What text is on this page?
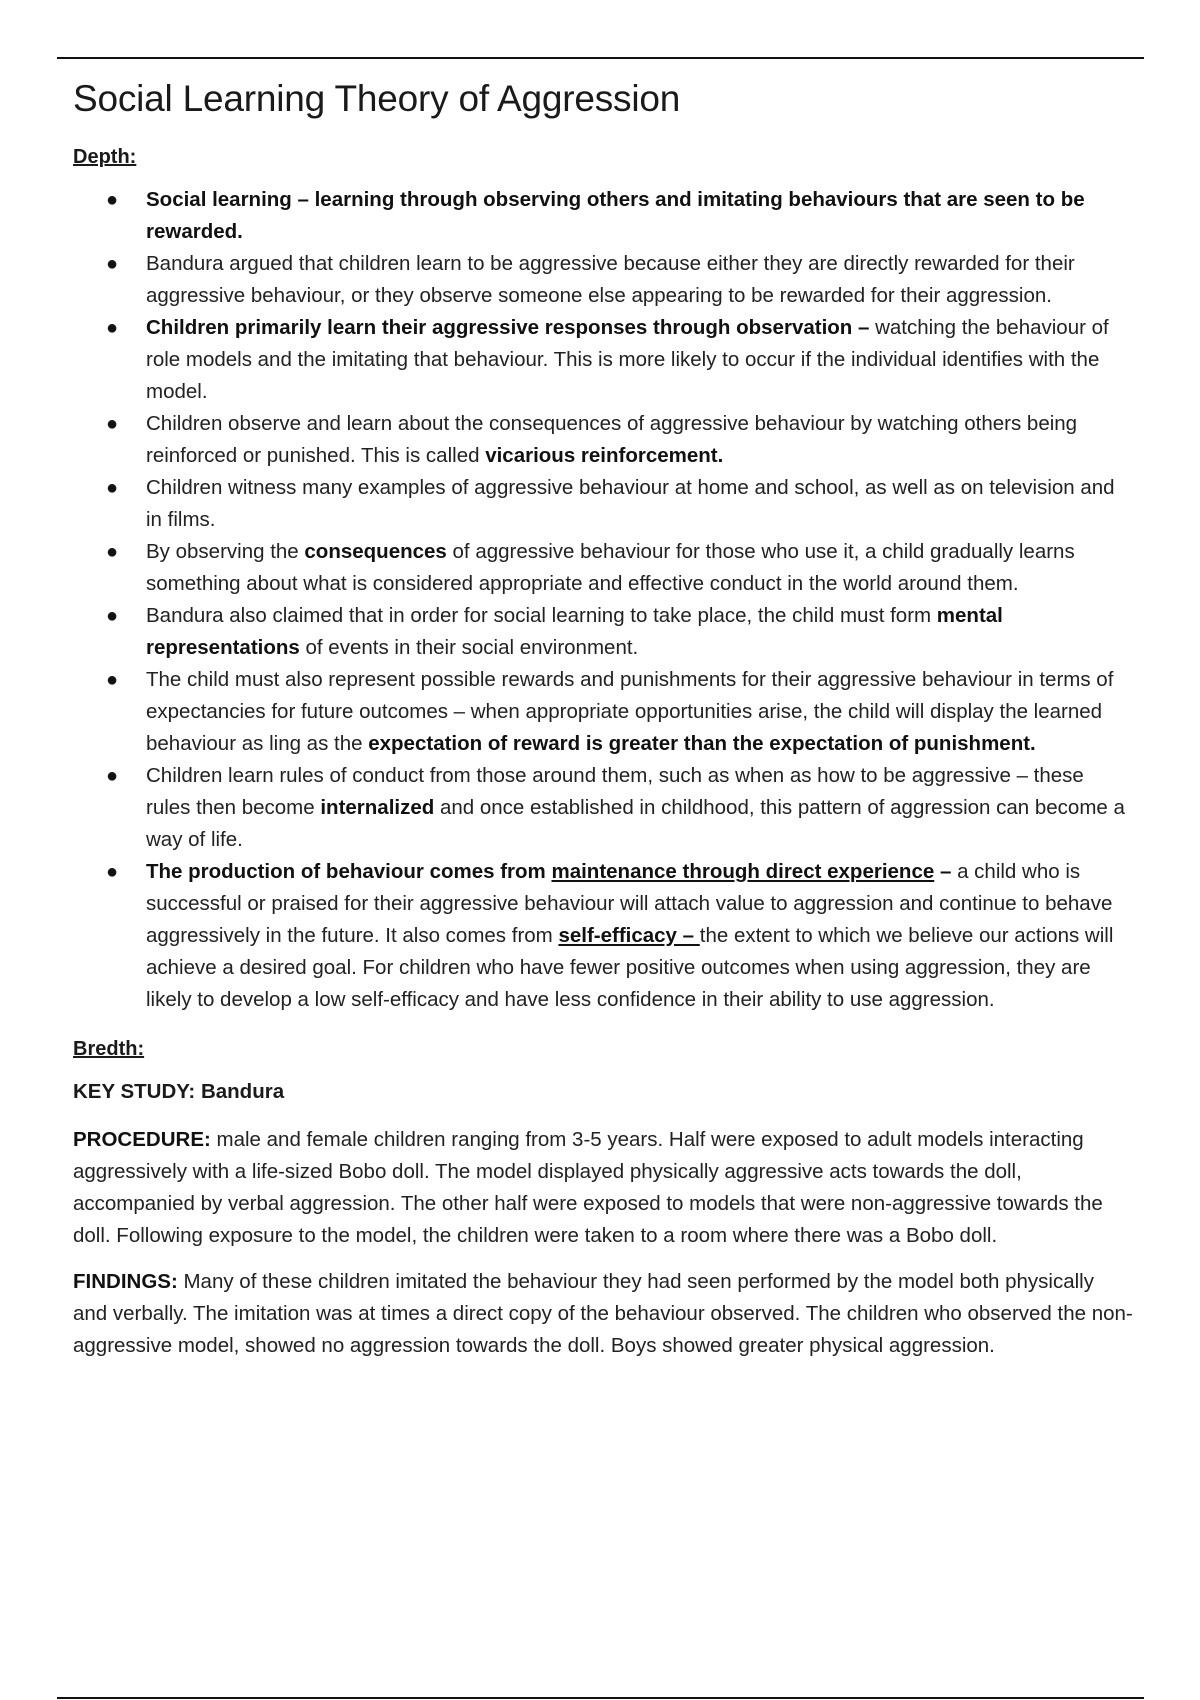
Social Learning Theory of Aggression
Depth:
● Social learning – learning through observing others and imitating behaviours that are seen to be rewarded.
● Bandura argued that children learn to be aggressive because either they are directly rewarded for their aggressive behaviour, or they observe someone else appearing to be rewarded for their aggression.
● Children primarily learn their aggressive responses through observation – watching the behaviour of role models and the imitating that behaviour. This is more likely to occur if the individual identifies with the model.
● Children observe and learn about the consequences of aggressive behaviour by watching others being reinforced or punished. This is called vicarious reinforcement.
● Children witness many examples of aggressive behaviour at home and school, as well as on television and in films.
● By observing the consequences of aggressive behaviour for those who use it, a child gradually learns something about what is considered appropriate and effective conduct in the world around them.
● Bandura also claimed that in order for social learning to take place, the child must form mental representations of events in their social environment.
● The child must also represent possible rewards and punishments for their aggressive behaviour in terms of expectancies for future outcomes – when appropriate opportunities arise, the child will display the learned behaviour as ling as the expectation of reward is greater than the expectation of punishment.
● Children learn rules of conduct from those around them, such as when as how to be aggressive – these rules then become internalized and once established in childhood, this pattern of aggression can become a way of life.
● The production of behaviour comes from maintenance through direct experience – a child who is successful or praised for their aggressive behaviour will attach value to aggression and continue to behave aggressively in the future. It also comes from self-efficacy – the extent to which we believe our actions will achieve a desired goal. For children who have fewer positive outcomes when using aggression, they are likely to develop a low self-efficacy and have less confidence in their ability to use aggression.
Bredth:
KEY STUDY: Bandura

PROCEDURE: male and female children ranging from 3-5 years. Half were exposed to adult models interacting aggressively with a life-sized Bobo doll. The model displayed physically aggressive acts towards the doll, accompanied by verbal aggression. The other half were exposed to models that were non-aggressive towards the doll. Following exposure to the model, the children were taken to a room where there was a Bobo doll.

FINDINGS: Many of these children imitated the behaviour they had seen performed by the model both physically and verbally. The imitation was at times a direct copy of the behaviour observed. The children who observed the non-aggressive model, showed no aggression towards the doll. Boys showed greater physical aggression.
